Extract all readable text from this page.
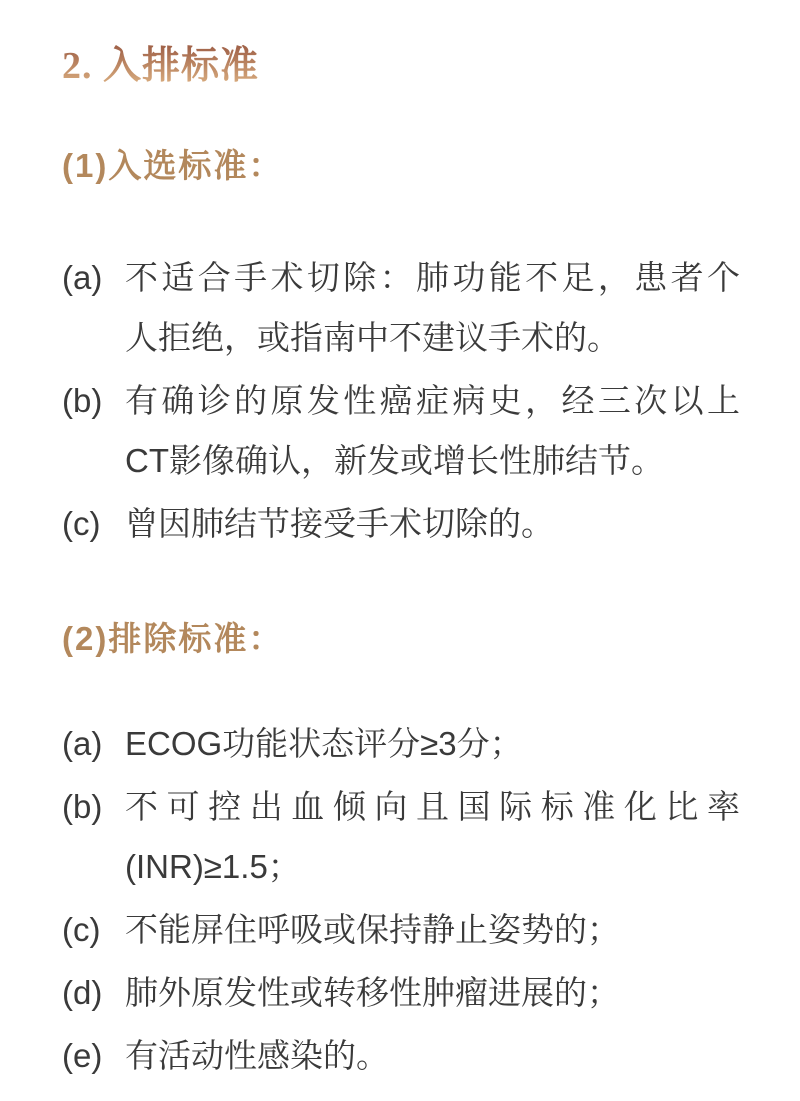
2. 入排标准
(1)入选标准：
(a) 不适合手术切除：肺功能不足，患者个
人拒绝，或指南中不建议手术的。
(b) 有确诊的原发性癌症病史，经三次以上
CT影像确认，新发或增长性肺结节。
(c) 曾因肺结节接受手术切除的。
(2)排除标准：
(a) ECOG功能状态评分≥3分；
(b) 不可控出血倾向且国际标准化比率
(INR)≥1.5；
(c) 不能屏住呼吸或保持静止姿势的；
(d) 肺外原发性或转移性肿瘤进展的；
(e) 有活动性感染的。
